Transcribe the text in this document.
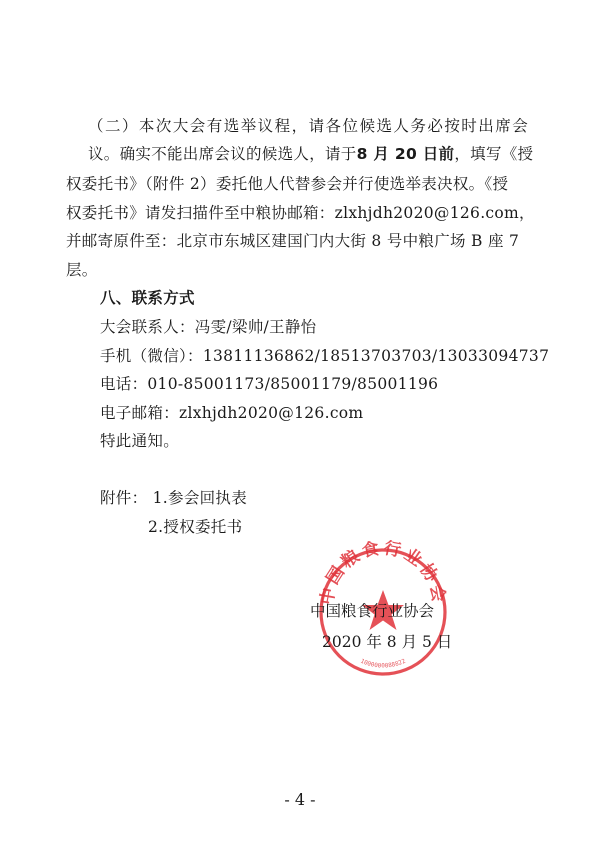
（二）本次大会有选举议程，请各位候选人务必按时出席会
议。确实不能出席会议的候选人，请于8 月 20 日前，填写《授
权委托书》（附件 2）委托他人代替参会并行使选举表决权。《授
权委托书》请发扫描件至中粮协邮箱：zlxhjdh2020@126.com，
并邮寄原件至：北京市东城区建国门内大街 8 号中粮广场 B 座 7
层。
八、联系方式
大会联系人：冯雯/梁帅/王静怡
手机（微信）：13811136862/18513703703/13033094737
电话：010-85001173/85001179/85001196
电子邮箱：zlxhjdh2020@126.com
特此通知。
附件： 1.参会回执表
2.授权委托书
中国粮食行业协会
1000000088822
中国粮食行业协会
2020 年 8 月 5 日
- 4 -
